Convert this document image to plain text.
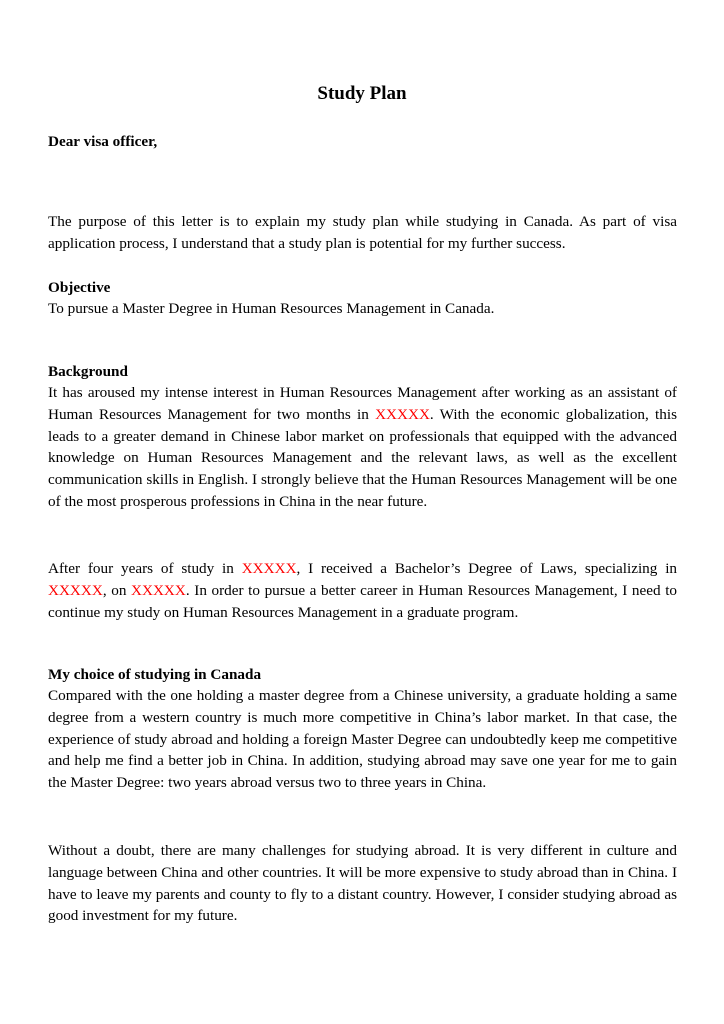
Study Plan

Dear visa officer,

The purpose of this letter is to explain my study plan while studying in Canada. As part of visa application process, I understand that a study plan is potential for my further success.

Objective

To pursue a Master Degree in Human Resources Management in Canada.

Background

It has aroused my intense interest in Human Resources Management after working as an assistant of Human Resources Management for two months in XXXXX. With the economic globalization, this leads to a greater demand in Chinese labor market on professionals that equipped with the advanced knowledge on Human Resources Management and the relevant laws, as well as the excellent communication skills in English. I strongly believe that the Human Resources Management will be one of the most prosperous professions in China in the near future.

After four years of study in XXXXX, I received a Bachelor’s Degree of Laws, specializing in XXXXX, on XXXXX. In order to pursue a better career in Human Resources Management, I need to continue my study on Human Resources Management in a graduate program.

My choice of studying in Canada

Compared with the one holding a master degree from a Chinese university, a graduate holding a same degree from a western country is much more competitive in China’s labor market. In that case, the experience of study abroad and holding a foreign Master Degree can undoubtedly keep me competitive and help me find a better job in China. In addition, studying abroad may save one year for me to gain the Master Degree: two years abroad versus two to three years in China.

Without a doubt, there are many challenges for studying abroad. It is very different in culture and language between China and other countries. It will be more expensive to study abroad than in China. I have to leave my parents and county to fly to a distant country. However, I consider studying abroad as good investment for my future.
